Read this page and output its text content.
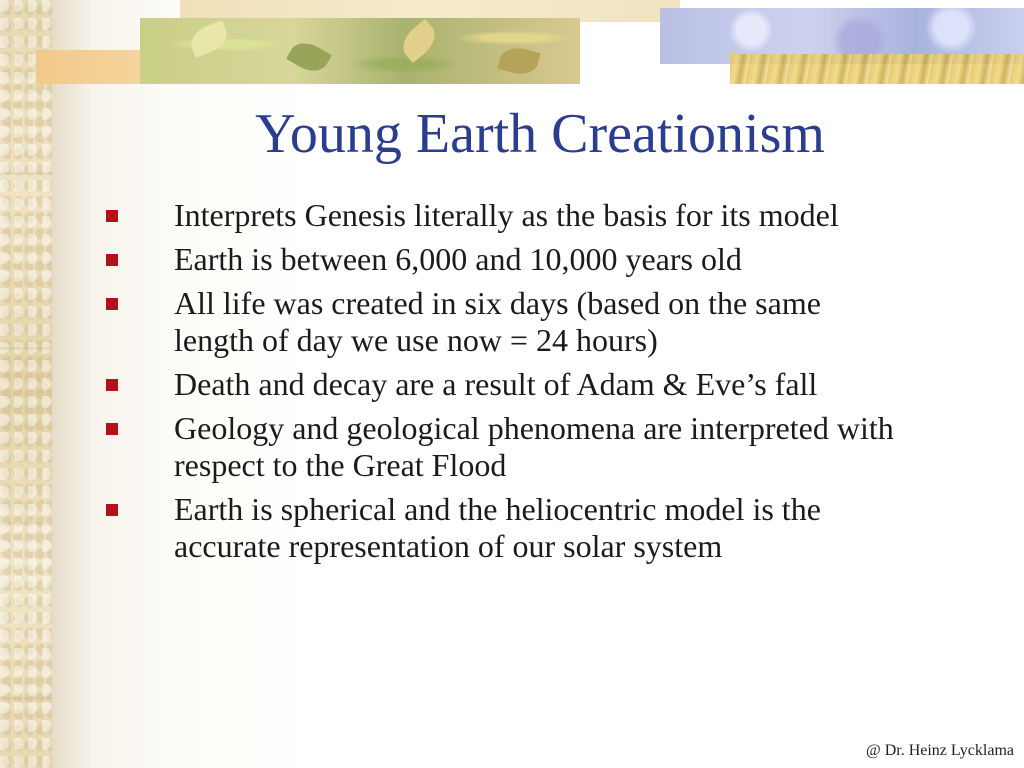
Young Earth Creationism
Interprets Genesis literally as the basis for its model
Earth is between 6,000 and 10,000 years old
All life was created in six days (based on the same length of day we use now = 24 hours)
Death and decay are a result of Adam & Eve’s fall
Geology and geological phenomena are interpreted with respect to the Great Flood
Earth is spherical and the heliocentric model is the accurate representation of our solar system
@ Dr. Heinz Lycklama
